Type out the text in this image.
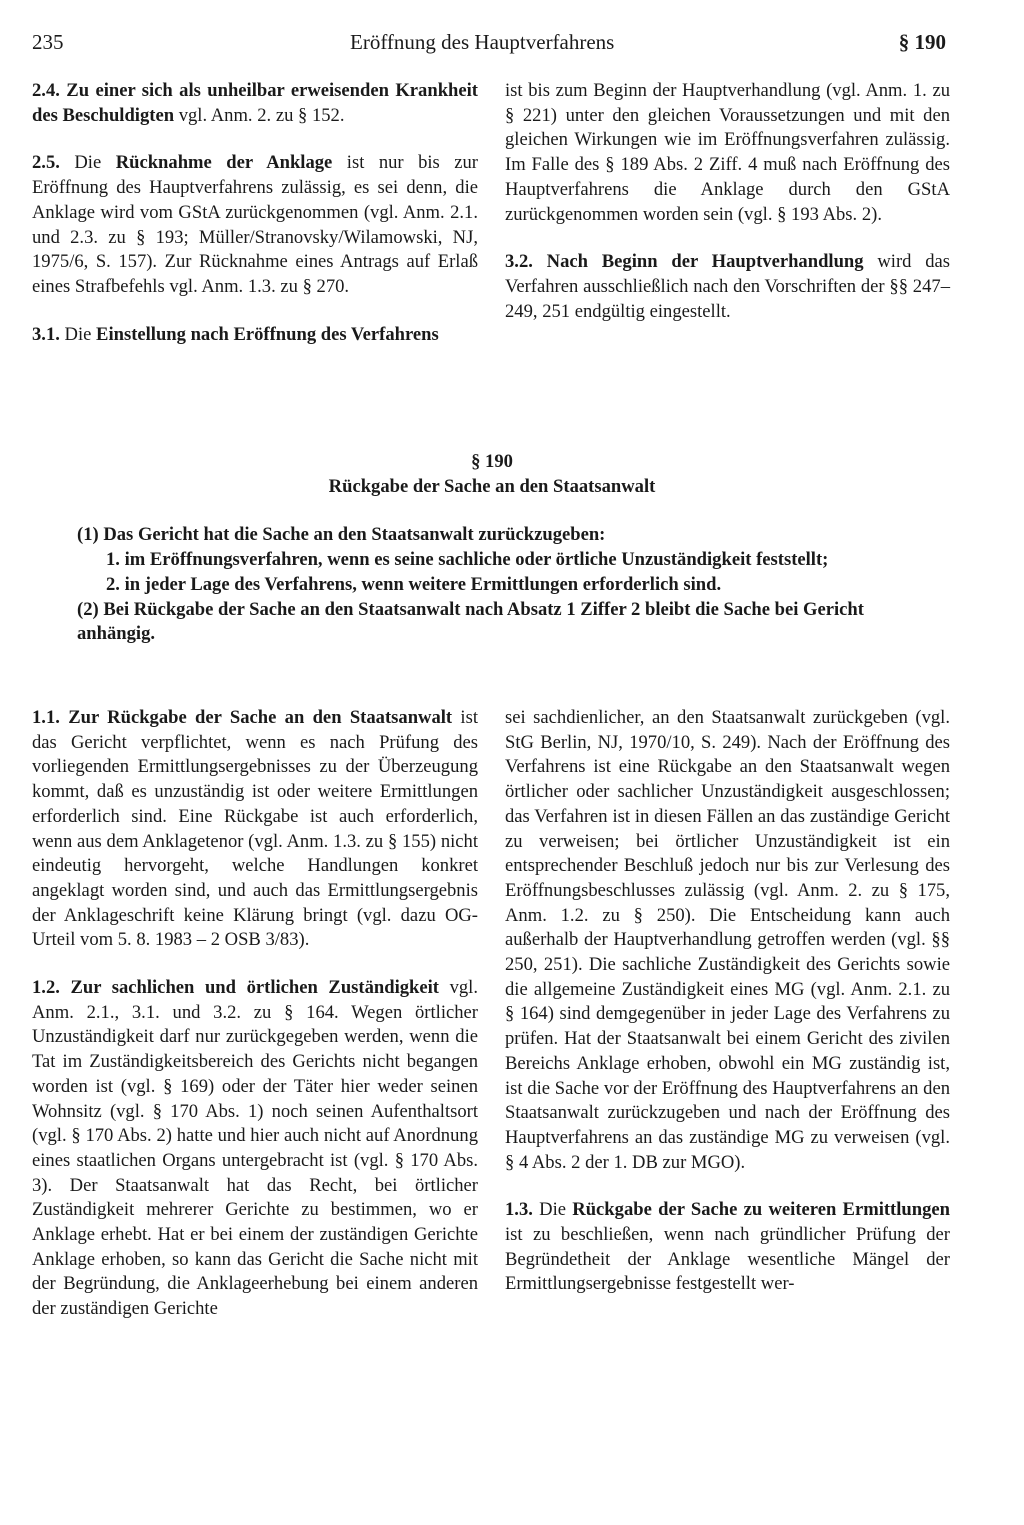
235	Eröffnung des Hauptverfahrens	§ 190

2.4. Zu einer sich als unheilbar erweisenden Krankheit des Beschuldigten vgl. Anm. 2. zu § 152.

2.5. Die Rücknahme der Anklage ist nur bis zur Eröffnung des Hauptverfahrens zulässig, es sei denn, die Anklage wird vom GStA zurückgenommen (vgl. Anm. 2.1. und 2.3. zu § 193; Müller/Stranovsky/Wilamowski, NJ, 1975/6, S. 157). Zur Rücknahme eines Antrags auf Erlaß eines Strafbefehls vgl. Anm. 1.3. zu § 270.

3.1. Die Einstellung nach Eröffnung des Verfahrens

ist bis zum Beginn der Hauptverhandlung (vgl. Anm. 1. zu § 221) unter den gleichen Voraussetzungen und mit den gleichen Wirkungen wie im Eröffnungsverfahren zulässig. Im Falle des § 189 Abs. 2 Ziff. 4 muß nach Eröffnung des Hauptverfahrens die Anklage durch den GStA zurückgenommen worden sein (vgl. § 193 Abs. 2).

3.2. Nach Beginn der Hauptverhandlung wird das Verfahren ausschließlich nach den Vorschriften der §§ 247–249, 251 endgültig eingestellt.

§ 190

Rückgabe der Sache an den Staatsanwalt

(1) Das Gericht hat die Sache an den Staatsanwalt zurückzugeben:

1. im Eröffnungsverfahren, wenn es seine sachliche oder örtliche Unzuständigkeit feststellt;

2. in jeder Lage des Verfahrens, wenn weitere Ermittlungen erforderlich sind.

(2) Bei Rückgabe der Sache an den Staatsanwalt nach Absatz 1 Ziffer 2 bleibt die Sache bei Gericht anhängig.

1.1. Zur Rückgabe der Sache an den Staatsanwalt ist das Gericht verpflichtet, wenn es nach Prüfung des vorliegenden Ermittlungsergebnisses zu der Überzeugung kommt, daß es unzuständig ist oder weitere Ermittlungen erforderlich sind. Eine Rückgabe ist auch erforderlich, wenn aus dem Anklagetenor (vgl. Anm. 1.3. zu § 155) nicht eindeutig hervorgeht, welche Handlungen konkret angeklagt worden sind, und auch das Ermittlungsergebnis der Anklageschrift keine Klärung bringt (vgl. dazu OG-Urteil vom 5. 8. 1983 – 2 OSB 3/83).

1.2. Zur sachlichen und örtlichen Zuständigkeit vgl. Anm. 2.1., 3.1. und 3.2. zu § 164. Wegen örtlicher Unzuständigkeit darf nur zurückgegeben werden, wenn die Tat im Zuständigkeitsbereich des Gerichts nicht begangen worden ist (vgl. § 169) oder der Täter hier weder seinen Wohnsitz (vgl. § 170 Abs. 1) noch seinen Aufenthaltsort (vgl. § 170 Abs. 2) hatte und hier auch nicht auf Anordnung eines staatlichen Organs untergebracht ist (vgl. § 170 Abs. 3). Der Staatsanwalt hat das Recht, bei örtlicher Zuständigkeit mehrerer Gerichte zu bestimmen, wo er Anklage erhebt. Hat er bei einem der zuständigen Gerichte Anklage erhoben, so kann das Gericht die Sache nicht mit der Begründung, die Anklageerhebung bei einem anderen der zuständigen Gerichte

sei sachdienlicher, an den Staatsanwalt zurückgeben (vgl. StG Berlin, NJ, 1970/10, S. 249). Nach der Eröffnung des Verfahrens ist eine Rückgabe an den Staatsanwalt wegen örtlicher oder sachlicher Unzuständigkeit ausgeschlossen; das Verfahren ist in diesen Fällen an das zuständige Gericht zu verweisen; bei örtlicher Unzuständigkeit ist ein entsprechender Beschluß jedoch nur bis zur Verlesung des Eröffnungsbeschlusses zulässig (vgl. Anm. 2. zu § 175, Anm. 1.2. zu § 250). Die Entscheidung kann auch außerhalb der Hauptverhandlung getroffen werden (vgl. §§ 250, 251). Die sachliche Zuständigkeit des Gerichts sowie die allgemeine Zuständigkeit eines MG (vgl. Anm. 2.1. zu § 164) sind demgegenüber in jeder Lage des Verfahrens zu prüfen. Hat der Staatsanwalt bei einem Gericht des zivilen Bereichs Anklage erhoben, obwohl ein MG zuständig ist, ist die Sache vor der Eröffnung des Hauptverfahrens an den Staatsanwalt zurückzugeben und nach der Eröffnung des Hauptverfahrens an das zuständige MG zu verweisen (vgl. § 4 Abs. 2 der 1. DB zur MGO).

1.3. Die Rückgabe der Sache zu weiteren Ermittlungen ist zu beschließen, wenn nach gründlicher Prüfung der Begründetheit der Anklage wesentliche Mängel der Ermittlungsergebnisse festgestellt wer-
